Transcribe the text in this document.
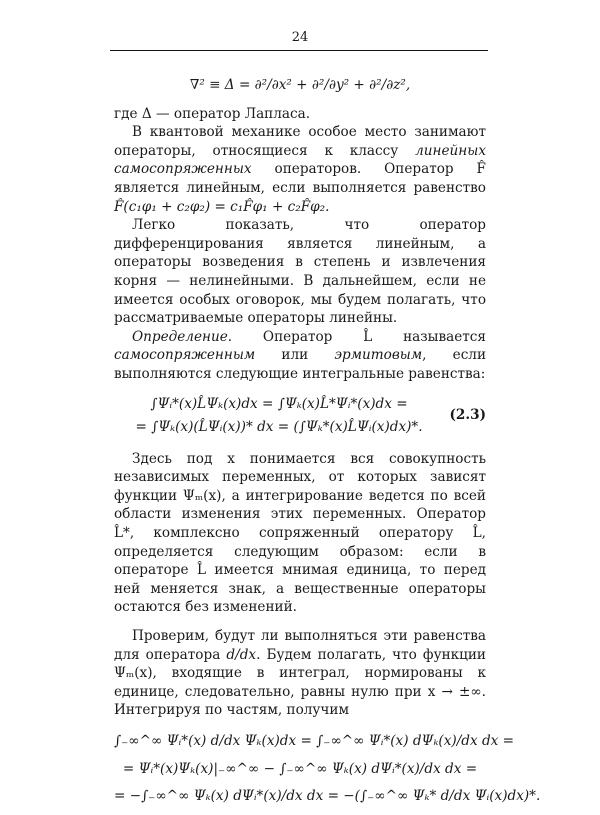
24
∇² ≡ Δ = ∂²/∂x² + ∂²/∂y² + ∂²/∂z²,

где Δ — оператор Лапласа.

В квантовой механике особое место занимают операторы, относящиеся к классу линейных самосопряженных операторов. Оператор F̂ является линейным, если выполняется равенство F̂(c₁φ₁ + c₂φ₂) = c₁F̂φ₁ + c₂F̂φ₂.

Легко показать, что оператор дифференцирования является линейным, а операторы возведения в степень и извлечения корня — нелинейными. В дальнейшем, если не имеется особых оговорок, мы будем полагать, что рассматриваемые операторы линейны.

Определение. Оператор L̂ называется самосопряженным или эрмитовым, если выполняются следующие интегральные равенства:

∫Ψᵢ*(x)L̂Ψₖ(x)dx = ∫Ψₖ(x)L̂*Ψᵢ*(x)dx =
= ∫Ψₖ(x)(L̂Ψᵢ(x))* dx = (∫Ψₖ*(x)L̂Ψᵢ(x)dx)*.
(2.3)

Здесь под x понимается вся совокупность независимых переменных, от которых зависят функции Ψₘ(x), а интегрирование ведется по всей области изменения этих переменных. Оператор L̂*, комплексно сопряженный оператору L̂, определяется следующим образом: если в операторе L̂ имеется мнимая единица, то перед ней меняется знак, а вещественные операторы остаются без изменений.

Проверим, будут ли выполняться эти равенства для оператора d/dx. Будем полагать, что функции Ψₘ(x), входящие в интеграл, нормированы к единице, следовательно, равны нулю при x → ±∞. Интегрируя по частям, получим

∫₋∞^∞ Ψᵢ*(x) d/dx Ψₖ(x)dx = ∫₋∞^∞ Ψᵢ*(x) dΨₖ(x)/dx dx =
= Ψᵢ*(x)Ψₖ(x)|₋∞^∞ − ∫₋∞^∞ Ψₖ(x) dΨᵢ*(x)/dx dx =
= −∫₋∞^∞ Ψₖ(x) dΨᵢ*(x)/dx dx = −(∫₋∞^∞ Ψₖ* d/dx Ψᵢ(x)dx)*.
